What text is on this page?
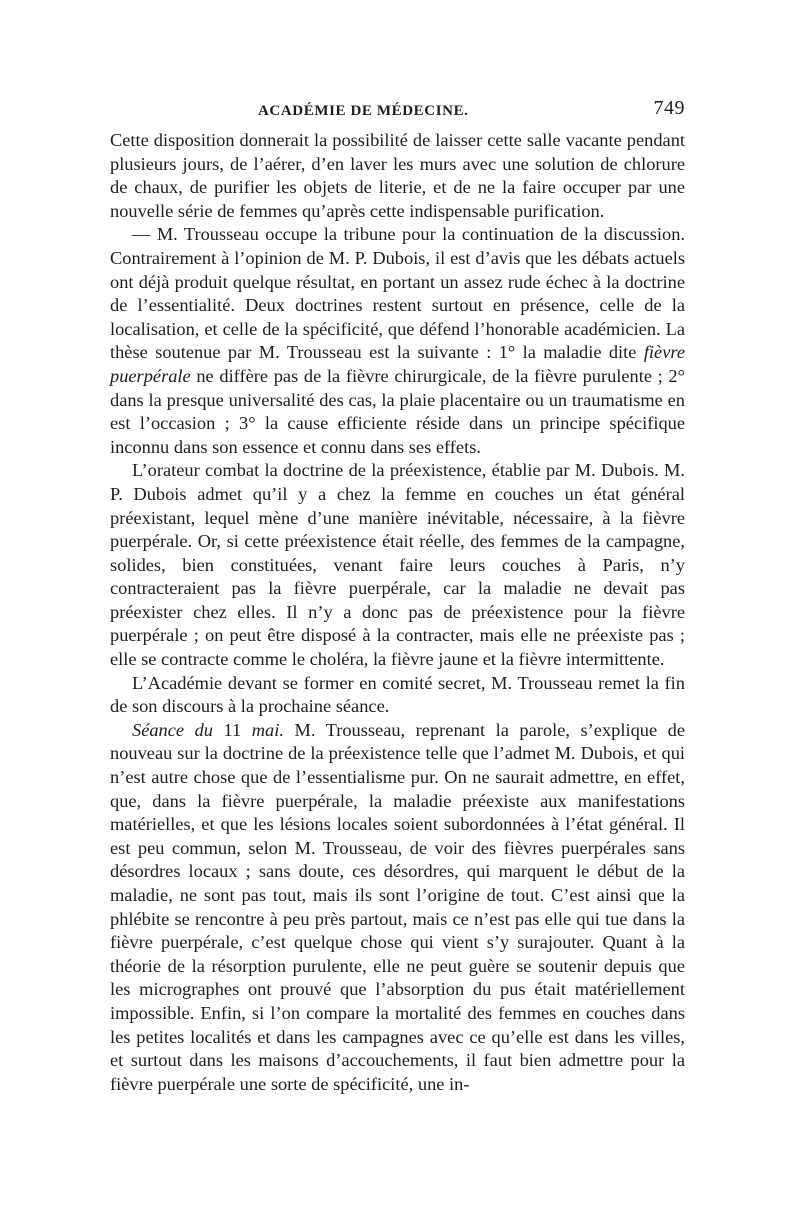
ACADÉMIE DE MÉDECINE.	749

Cette disposition donnerait la possibilité de laisser cette salle vacante pendant plusieurs jours, de l’aérer, d’en laver les murs avec une solution de chlorure de chaux, de purifier les objets de literie, et de ne la faire occuper par une nouvelle série de femmes qu’après cette indispensable purification.

— M. Trousseau occupe la tribune pour la continuation de la discussion. Contrairement à l’opinion de M. P. Dubois, il est d’avis que les débats actuels ont déjà produit quelque résultat, en portant un assez rude échec à la doctrine de l’essentialité. Deux doctrines restent surtout en présence, celle de la localisation, et celle de la spécificité, que défend l’honorable académicien. La thèse soutenue par M. Trousseau est la suivante : 1° la maladie dite fièvre puerpérale ne diffère pas de la fièvre chirurgicale, de la fièvre purulente ; 2° dans la presque universalité des cas, la plaie placentaire ou un traumatisme en est l’occasion ; 3° la cause efficiente réside dans un principe spécifique inconnu dans son essence et connu dans ses effets.

L’orateur combat la doctrine de la préexistence, établie par M. Dubois. M. P. Dubois admet qu’il y a chez la femme en couches un état général préexistant, lequel mène d’une manière inévitable, nécessaire, à la fièvre puerpérale. Or, si cette préexistence était réelle, des femmes de la campagne, solides, bien constituées, venant faire leurs couches à Paris, n’y contracteraient pas la fièvre puerpérale, car la maladie ne devait pas préexister chez elles. Il n’y a donc pas de préexistence pour la fièvre puerpérale ; on peut être disposé à la contracter, mais elle ne préexiste pas ; elle se contracte comme le choléra, la fièvre jaune et la fièvre intermittente.

L’Académie devant se former en comité secret, M. Trousseau remet la fin de son discours à la prochaine séance.

Séance du 11 mai. M. Trousseau, reprenant la parole, s’explique de nouveau sur la doctrine de la préexistence telle que l’admet M. Dubois, et qui n’est autre chose que de l’essentialisme pur. On ne saurait admettre, en effet, que, dans la fièvre puerpérale, la maladie préexiste aux manifestations matérielles, et que les lésions locales soient subordonnées à l’état général. Il est peu commun, selon M. Trousseau, de voir des fièvres puerpérales sans désordres locaux ; sans doute, ces désordres, qui marquent le début de la maladie, ne sont pas tout, mais ils sont l’origine de tout. C’est ainsi que la phlébite se rencontre à peu près partout, mais ce n’est pas elle qui tue dans la fièvre puerpérale, c’est quelque chose qui vient s’y surajouter. Quant à la théorie de la résorption purulente, elle ne peut guère se soutenir depuis que les micrographes ont prouvé que l’absorption du pus était matériellement impossible. Enfin, si l’on compare la mortalité des femmes en couches dans les petites localités et dans les campagnes avec ce qu’elle est dans les villes, et surtout dans les maisons d’accouchements, il faut bien admettre pour la fièvre puerpérale une sorte de spécificité, une in-
